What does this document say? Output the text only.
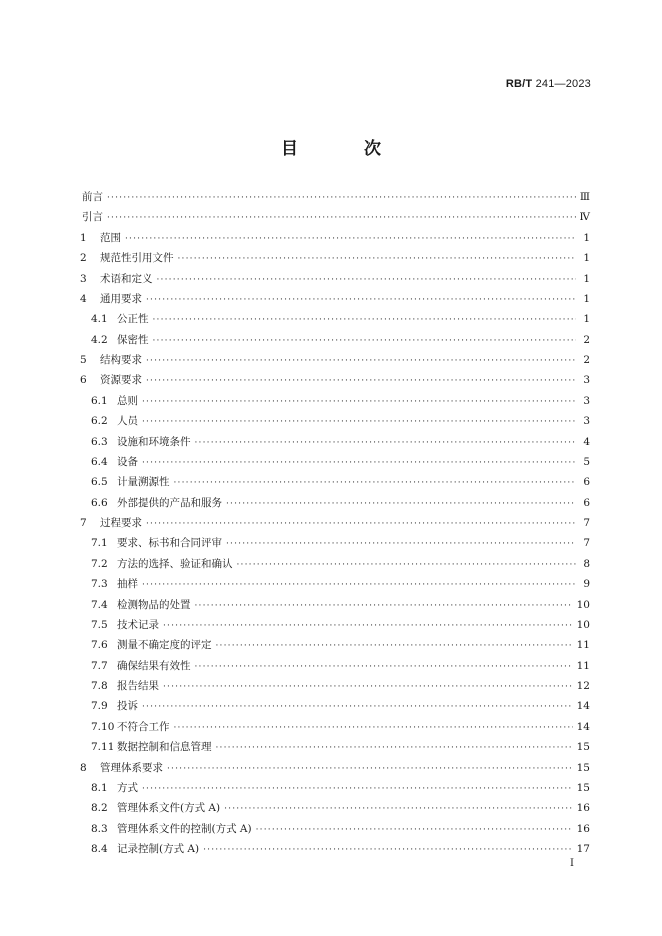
RB/T 241—2023
目 次
前言 ·····	Ⅲ
引言 ·····	Ⅳ
1	范围 ·····	1
2	规范性引用文件 ·····	1
3	术语和定义 ·····	1
4	通用要求 ·····	1
4.1 公正性 ·····	1
4.2 保密性 ·····	2
5	结构要求 ·····	2
6	资源要求 ·····	3
6.1 总则 ·····	3
6.2 人员 ·····	3
6.3 设施和环境条件 ·····	4
6.4 设备 ·····	5
6.5 计量溯源性 ·····	6
6.6 外部提供的产品和服务 ·····	6
7	过程要求 ·····	7
7.1 要求、标书和合同评审 ·····	7
7.2 方法的选择、验证和确认 ·····	8
7.3 抽样 ·····	9
7.4 检测物品的处置 ·····	10
7.5 技术记录 ·····	10
7.6 测量不确定度的评定 ·····	11
7.7 确保结果有效性 ·····	11
7.8 报告结果 ·····	12
7.9 投诉 ·····	14
7.10 不符合工作 ·····	14
7.11 数据控制和信息管理 ·····	15
8	管理体系要求 ·····	15
8.1 方式 ·····	15
8.2 管理体系文件(方式 A) ·····	16
8.3 管理体系文件的控制(方式 A) ·····	16
8.4 记录控制(方式 A) ·····	17
I
